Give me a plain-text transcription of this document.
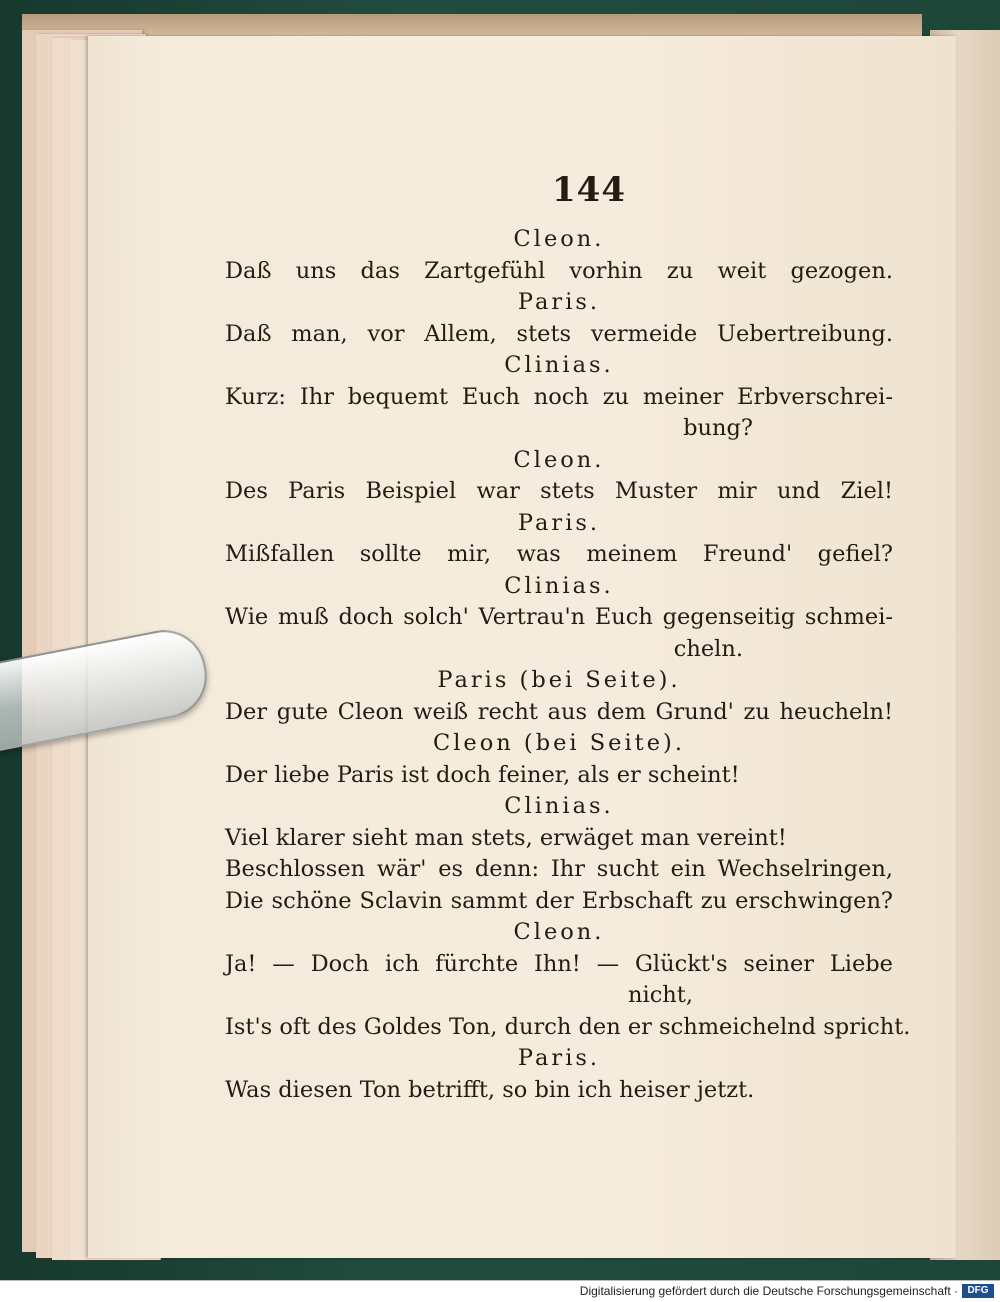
144
Cleon.
Daß uns das Zartgefühl vorhin zu weit gezogen.
Paris.
Daß man, vor Allem, stets vermeide Uebertreibung.
Clinias.
Kurz: Ihr bequemt Euch noch zu meiner Erbverschrei-
bung?
Cleon.
Des Paris Beispiel war stets Muster mir und Ziel!
Paris.
Mißfallen sollte mir, was meinem Freund' gefiel?
Clinias.
Wie muß doch solch' Vertrau'n Euch gegenseitig schmei-
cheln.
Paris (bei Seite).
Der gute Cleon weiß recht aus dem Grund' zu heucheln!
Cleon (bei Seite).
Der liebe Paris ist doch feiner, als er scheint!
Clinias.
Viel klarer sieht man stets, erwäget man vereint!
Beschlossen wär' es denn: Ihr sucht ein Wechselringen,
Die schöne Sclavin sammt der Erbschaft zu erschwingen?
Cleon.
Ja! — Doch ich fürchte Ihn! — Glückt's seiner Liebe
nicht,
Ist's oft des Goldes Ton, durch den er schmeichelnd spricht.
Paris.
Was diesen Ton betrifft, so bin ich heiser jetzt.
Digitalisierung gefördert durch die Deutsche Forschungsgemeinschaft · DFG
